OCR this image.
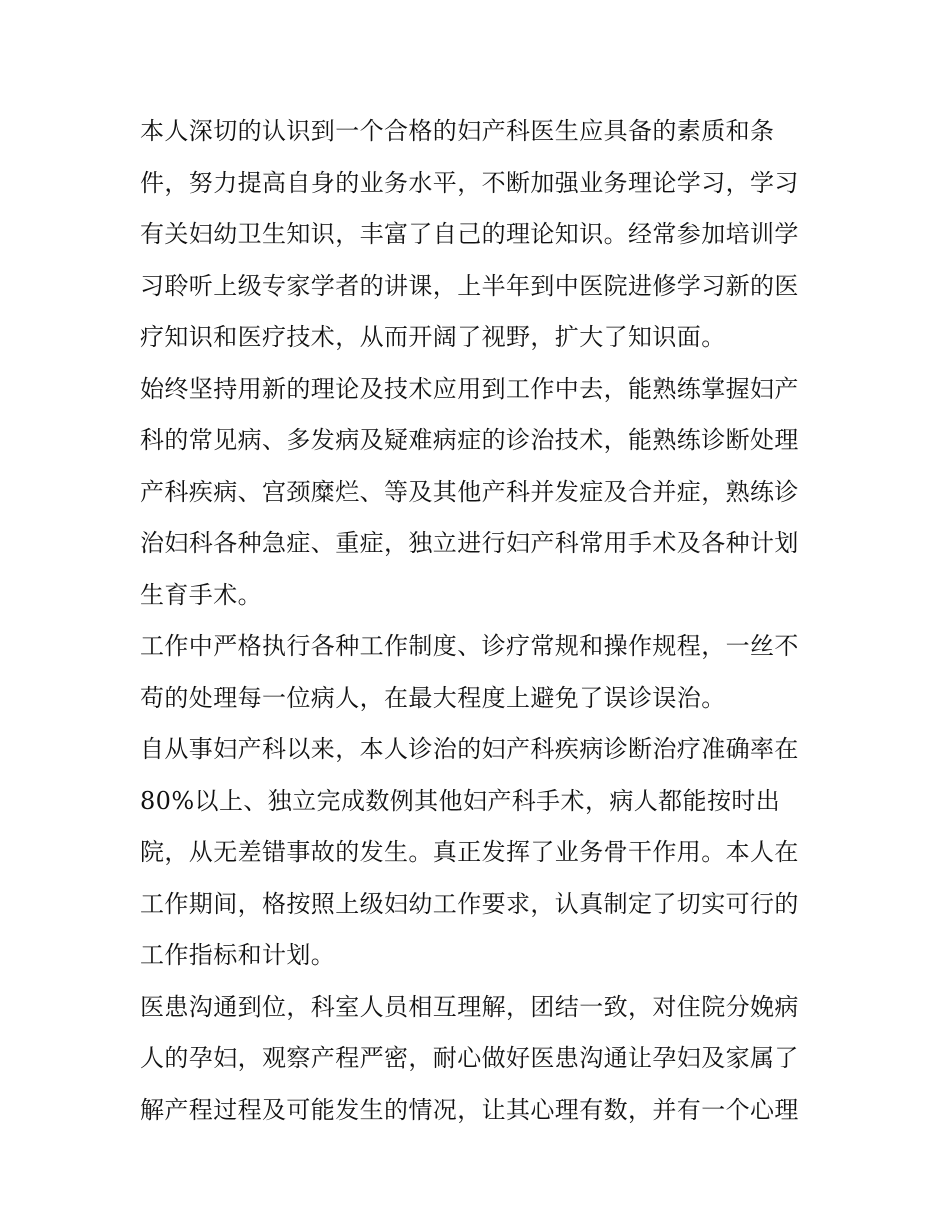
本人深切的认识到一个合格的妇产科医生应具备的素质和条
件，努力提高自身的业务水平，不断加强业务理论学习，学习
有关妇幼卫生知识，丰富了自己的理论知识。经常参加培训学
习聆听上级专家学者的讲课，上半年到中医院进修学习新的医
疗知识和医疗技术，从而开阔了视野，扩大了知识面。
始终坚持用新的理论及技术应用到工作中去，能熟练掌握妇产
科的常见病、多发病及疑难病症的诊治技术，能熟练诊断处理
产科疾病、宫颈糜烂、等及其他产科并发症及合并症，熟练诊
治妇科各种急症、重症，独立进行妇产科常用手术及各种计划
生育手术。
工作中严格执行各种工作制度、诊疗常规和操作规程，一丝不
苟的处理每一位病人，在最大程度上避免了误诊误治。
自从事妇产科以来，本人诊治的妇产科疾病诊断治疗准确率在
80%以上、独立完成数例其他妇产科手术，病人都能按时出
院，从无差错事故的发生。真正发挥了业务骨干作用。本人在
工作期间，格按照上级妇幼工作要求，认真制定了切实可行的
工作指标和计划。
医患沟通到位，科室人员相互理解，团结一致，对住院分娩病
人的孕妇，观察产程严密，耐心做好医患沟通让孕妇及家属了
解产程过程及可能发生的情况，让其心理有数，并有一个心理
